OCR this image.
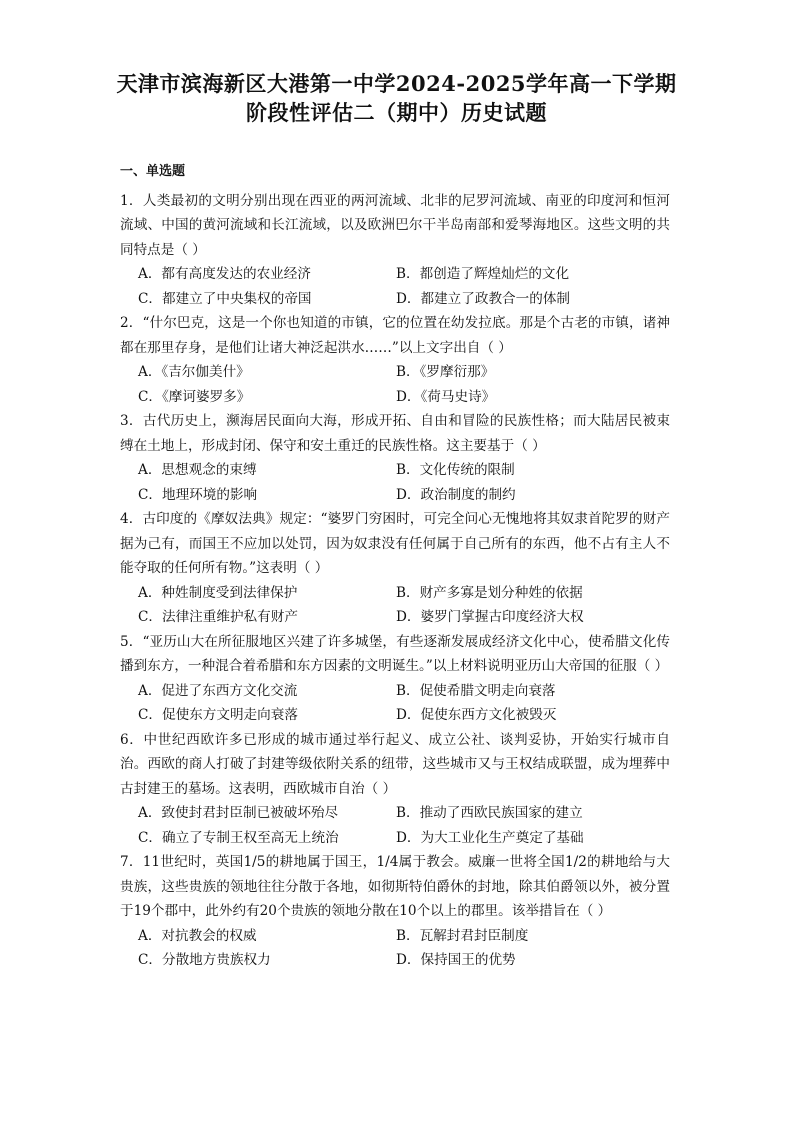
天津市滨海新区大港第一中学2024-2025学年高一下学期
阶段性评估二（期中）历史试题
一、单选题
1．人类最初的文明分别出现在西亚的两河流域、北非的尼罗河流域、南亚的印度河和恒河流域、中国的黄河流域和长江流域，以及欧洲巴尔干半岛南部和爱琴海地区。这些文明的共同特点是（ ）
A．都有高度发达的农业经济	B．都创造了辉煌灿烂的文化
C．都建立了中央集权的帝国	D．都建立了政教合一的体制
2．“什尔巴克，这是一个你也知道的市镇，它的位置在幼发拉底。那是个古老的市镇，诸神都在那里存身，是他们让诸大神泛起洪水……”以上文字出自（ ）
A．《吉尔伽美什》	B．《罗摩衍那》
C．《摩诃婆罗多》	D．《荷马史诗》
3．古代历史上，濒海居民面向大海，形成开拓、自由和冒险的民族性格；而大陆居民被束缚在土地上，形成封闭、保守和安土重迁的民族性格。这主要基于（ ）
A．思想观念的束缚	B．文化传统的限制
C．地理环境的影响	D．政治制度的制约
4．古印度的《摩奴法典》规定：“婆罗门穷困时，可完全问心无愧地将其奴隶首陀罗的财产据为己有，而国王不应加以处罚，因为奴隶没有任何属于自己所有的东西，他不占有主人不能夺取的任何所有物。”这表明（ ）
A．种姓制度受到法律保护	B．财产多寡是划分种姓的依据
C．法律注重维护私有财产	D．婆罗门掌握古印度经济大权
5．“亚历山大在所征服地区兴建了许多城堡，有些逐渐发展成经济文化中心，使希腊文化传播到东方，一种混合着希腊和东方因素的文明诞生。”以上材料说明亚历山大帝国的征服（ ）
A．促进了东西方文化交流	B．促使希腊文明走向衰落
C．促使东方文明走向衰落	D．促使东西方文化被毁灭
6．中世纪西欧许多已形成的城市通过举行起义、成立公社、谈判妥协，开始实行城市自治。西欧的商人打破了封建等级依附关系的纽带，这些城市又与王权结成联盟，成为埋葬中古封建王的墓场。这表明，西欧城市自治（ ）
A．致使封君封臣制已被破坏殆尽	B．推动了西欧民族国家的建立
C．确立了专制王权至高无上统治	D．为大工业化生产奠定了基础
7．11世纪时，英国1/5的耕地属于国王，1/4属于教会。威廉一世将全国1/2的耕地给与大贵族，这些贵族的领地往往分散于各地，如彻斯特伯爵休的封地，除其伯爵领以外，被分置于19个郡中，此外约有20个贵族的领地分散在10个以上的郡里。该举措旨在（ ）
A．对抗教会的权威	B．瓦解封君封臣制度
C．分散地方贵族权力	D．保持国王的优势
